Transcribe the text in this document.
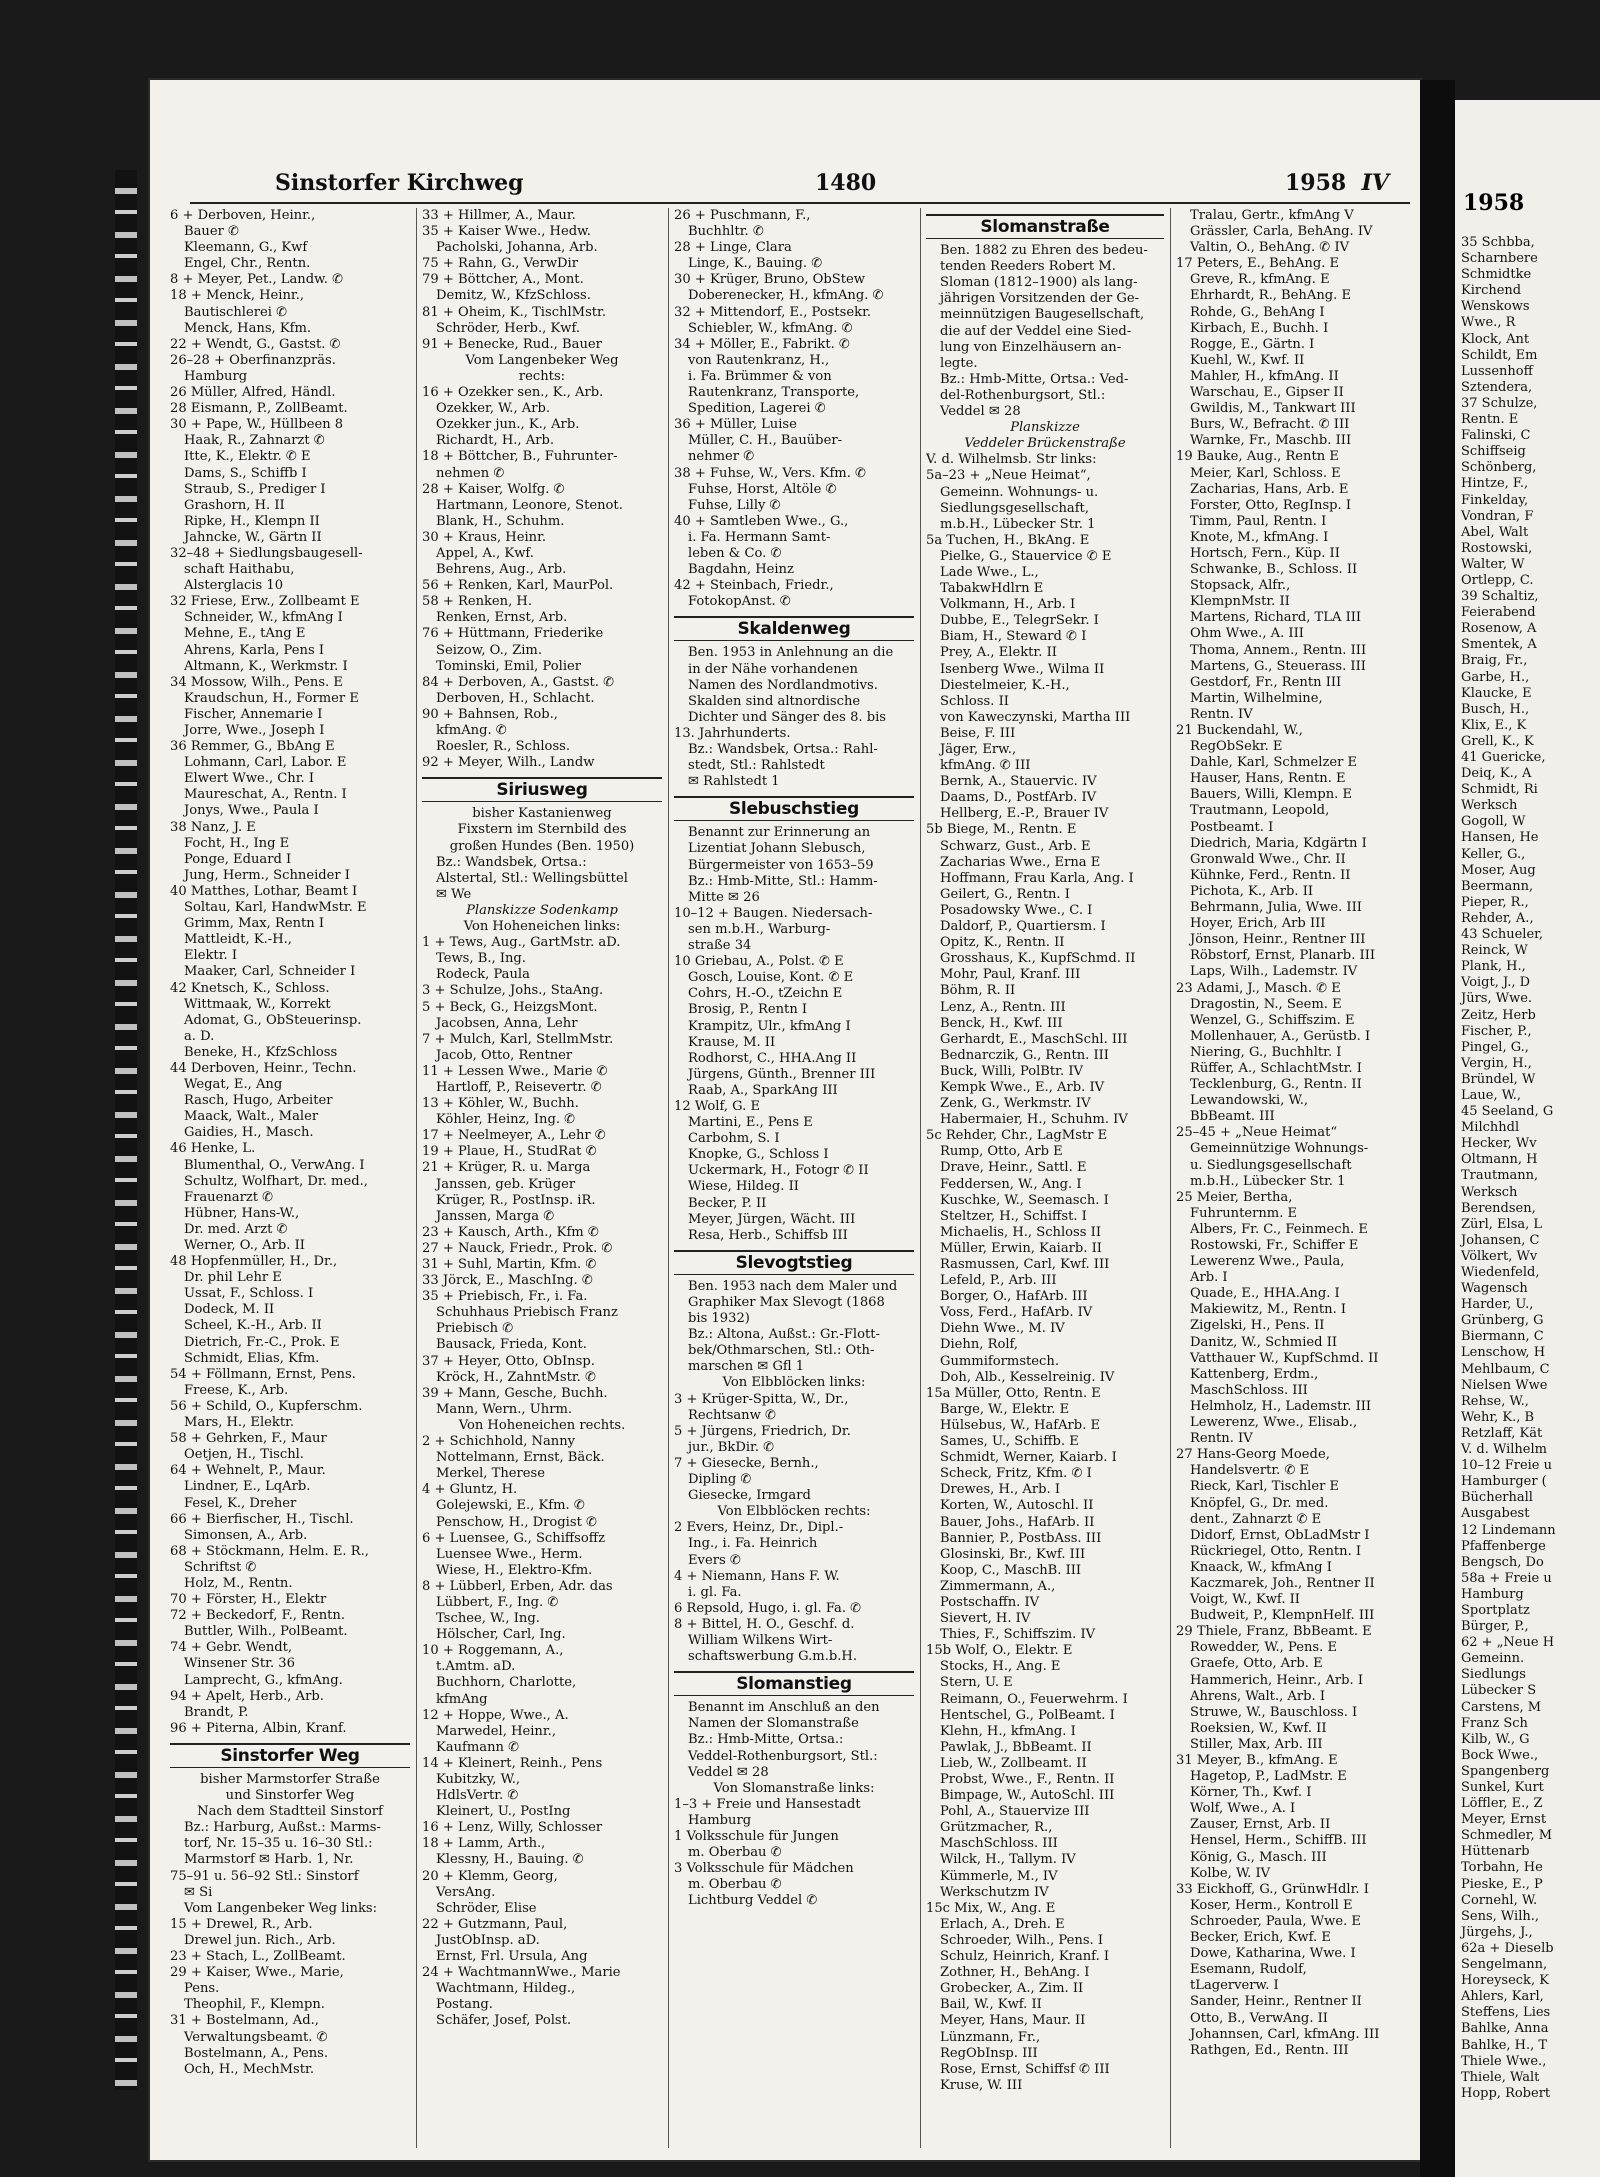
Sinstorfer Kirchweg	1480	1958 IV
6 + Derboven, Heinr.,
Bauer ✆
Kleemann, G., Kwf
Engel, Chr., Rentn.
8 + Meyer, Pet., Landw. ✆
18 + Menck, Heinr.,
Bautischlerei ✆
Menck, Hans, Kfm.
22 + Wendt, G., Gastst. ✆
26–28 + Oberfinanzpräs.
Hamburg
26 Müller, Alfred, Händl.
28 Eismann, P., ZollBeamt.
30 + Pape, W., Hüllbeen 8
Haak, R., Zahnarzt ✆
Itte, K., Elektr. ✆ E
Dams, S., Schiffb I
Straub, S., Prediger I
Grashorn, H. II
Ripke, H., Klempn II
Jahncke, W., Gärtn II
32–48 + Siedlungsbaugesell-
schaft Haithabu,
Alsterglacis 10
32 Friese, Erw., Zollbeamt E
Schneider, W., kfmAng I
Mehne, E., tAng E
Ahrens, Karla, Pens I
Altmann, K., Werkmstr. I
34 Mossow, Wilh., Pens. E
Kraudschun, H., Former E
Fischer, Annemarie I
Jorre, Wwe., Joseph I
36 Remmer, G., BbAng E
Lohmann, Carl, Labor. E
Elwert Wwe., Chr. I
Maureschat, A., Rentn. I
Jonys, Wwe., Paula I
38 Nanz, J. E
Focht, H., Ing E
Ponge, Eduard I
Jung, Herm., Schneider I
40 Matthes, Lothar, Beamt I
Soltau, Karl, HandwMstr. E
Grimm, Max, Rentn I
Mattleidt, K.-H.,
Elektr. I
Maaker, Carl, Schneider I
42 Knetsch, K., Schloss.
Wittmaak, W., Korrekt
Adomat, G., ObSteuerinsp.
a. D.
Beneke, H., KfzSchloss
44 Derboven, Heinr., Techn.
Wegat, E., Ang
Rasch, Hugo, Arbeiter
Maack, Walt., Maler
Gaidies, H., Masch.
46 Henke, L.
Blumenthal, O., VerwAng. I
Schultz, Wolfhart, Dr. med.,
Frauenarzt ✆
Hübner, Hans-W.,
Dr. med. Arzt ✆
Werner, O., Arb. II
48 Hopfenmüller, H., Dr.,
Dr. phil Lehr E
Ussat, F., Schloss. I
Dodeck, M. II
Scheel, K.-H., Arb. II
Dietrich, Fr.-C., Prok. E
Schmidt, Elias, Kfm.
54 + Föllmann, Ernst, Pens.
Freese, K., Arb.
56 + Schild, O., Kupferschm.
Mars, H., Elektr.
58 + Gehrken, F., Maur
Oetjen, H., Tischl.
64 + Wehnelt, P., Maur.
Lindner, E., LqArb.
Fesel, K., Dreher
66 + Bierfischer, H., Tischl.
Simonsen, A., Arb.
68 + Stöckmann, Helm. E. R.,
Schriftst ✆
Holz, M., Rentn.
70 + Förster, H., Elektr
72 + Beckedorf, F., Rentn.
Buttler, Wilh., PolBeamt.
74 + Gebr. Wendt,
Winsener Str. 36
Lamprecht, G., kfmAng.
94 + Apelt, Herb., Arb.
Brandt, P.
96 + Piterna, Albin, Kranf.
Sinstorfer Weg
bisher Marmstorfer Straße
und Sinstorfer Weg
Nach dem Stadtteil Sinstorf
Bz.: Harburg, Außst.: Marms-
torf, Nr. 15–35 u. 16–30 Stl.:
Marmstorf ✉ Harb. 1, Nr.
75–91 u. 56–92 Stl.: Sinstorf
✉ Si
Vom Langenbeker Weg links:
15 + Drewel, R., Arb.
Drewel jun. Rich., Arb.
23 + Stach, L., ZollBeamt.
29 + Kaiser, Wwe., Marie,
Pens.
Theophil, F., Klempn.
31 + Bostelmann, Ad.,
Verwaltungsbeamt. ✆
Bostelmann, A., Pens.
Och, H., MechMstr.
33 + Hillmer, A., Maur.
35 + Kaiser Wwe., Hedw.
Pacholski, Johanna, Arb.
75 + Rahn, G., VerwDir
79 + Böttcher, A., Mont.
Demitz, W., KfzSchloss.
81 + Oheim, K., TischlMstr.
Schröder, Herb., Kwf.
91 + Benecke, Rud., Bauer
Vom Langenbeker Weg
rechts:
16 + Ozekker sen., K., Arb.
Ozekker, W., Arb.
Ozekker jun., K., Arb.
Richardt, H., Arb.
18 + Böttcher, B., Fuhrunter-
nehmen ✆
28 + Kaiser, Wolfg. ✆
Hartmann, Leonore, Stenot.
Blank, H., Schuhm.
30 + Kraus, Heinr.
Appel, A., Kwf.
Behrens, Aug., Arb.
56 + Renken, Karl, MaurPol.
58 + Renken, H.
Renken, Ernst, Arb.
76 + Hüttmann, Friederike
Seizow, O., Zim.
Tominski, Emil, Polier
84 + Derboven, A., Gastst. ✆
Derboven, H., Schlacht.
90 + Bahnsen, Rob.,
kfmAng. ✆
Roesler, R., Schloss.
92 + Meyer, Wilh., Landw
Siriusweg
bisher Kastanienweg
Fixstern im Sternbild des
großen Hundes (Ben. 1950)
Bz.: Wandsbek, Ortsa.:
Alstertal, Stl.: Wellingsbüttel
✉ We
Planskizze Sodenkamp
Von Hoheneichen links:
1 + Tews, Aug., GartMstr. aD.
Tews, B., Ing.
Rodeck, Paula
3 + Schulze, Johs., StaAng.
5 + Beck, G., HeizgsMont.
Jacobsen, Anna, Lehr
7 + Mulch, Karl, StellmMstr.
Jacob, Otto, Rentner
11 + Lessen Wwe., Marie ✆
Hartloff, P., Reisevertr. ✆
13 + Köhler, W., Buchh.
Köhler, Heinz, Ing. ✆
17 + Neelmeyer, A., Lehr ✆
19 + Plaue, H., StudRat ✆
21 + Krüger, R. u. Marga
Janssen, geb. Krüger
Krüger, R., PostInsp. iR.
Janssen, Marga ✆
23 + Kausch, Arth., Kfm ✆
27 + Nauck, Friedr., Prok. ✆
31 + Suhl, Martin, Kfm. ✆
33 Jörck, E., MaschIng. ✆
35 + Priebisch, Fr., i. Fa.
Schuhhaus Priebisch Franz
Priebisch ✆
Bausack, Frieda, Kont.
37 + Heyer, Otto, ObInsp.
Kröck, H., ZahntMstr. ✆
39 + Mann, Gesche, Buchh.
Mann, Wern., Uhrm.
Von Hoheneichen rechts.
2 + Schichhold, Nanny
Nottelmann, Ernst, Bäck.
Merkel, Therese
4 + Gluntz, H.
Golejewski, E., Kfm. ✆
Penschow, H., Drogist ✆
6 + Luensee, G., Schiffsoffz
Luensee Wwe., Herm.
Wiese, H., Elektro-Kfm.
8 + Lübberl, Erben, Adr. das
Lübbert, F., Ing. ✆
Tschee, W., Ing.
Hölscher, Carl, Ing.
10 + Roggemann, A.,
t.Amtm. aD.
Buchhorn, Charlotte,
kfmAng
12 + Hoppe, Wwe., A.
Marwedel, Heinr.,
Kaufmann ✆
14 + Kleinert, Reinh., Pens
Kubitzky, W.,
HdlsVertr. ✆
Kleinert, U., PostIng
16 + Lenz, Willy, Schlosser
18 + Lamm, Arth.,
Klessny, H., Bauing. ✆
20 + Klemm, Georg,
VersAng.
Schröder, Elise
22 + Gutzmann, Paul,
JustObInsp. aD.
Ernst, Frl. Ursula, Ang
24 + WachtmannWwe., Marie
Wachtmann, Hildeg.,
Postang.
Schäfer, Josef, Polst.
26 + Puschmann, F.,
Buchhltr. ✆
28 + Linge, Clara
Linge, K., Bauing. ✆
30 + Krüger, Bruno, ObStew
Doberenecker, H., kfmAng. ✆
32 + Mittendorf, E., Postsekr.
Schiebler, W., kfmAng. ✆
34 + Möller, E., Fabrikt. ✆
von Rautenkranz, H.,
i. Fa. Brümmer & von
Rautenkranz, Transporte,
Spedition, Lagerei ✆
36 + Müller, Luise
Müller, C. H., Bauüber-
nehmer ✆
38 + Fuhse, W., Vers. Kfm. ✆
Fuhse, Horst, Altöle ✆
Fuhse, Lilly ✆
40 + Samtleben Wwe., G.,
i. Fa. Hermann Samt-
leben & Co. ✆
Bagdahn, Heinz
42 + Steinbach, Friedr.,
FotokopAnst. ✆
Skaldenweg
Ben. 1953 in Anlehnung an die
in der Nähe vorhandenen
Namen des Nordlandmotivs.
Skalden sind altnordische
Dichter und Sänger des 8. bis
13. Jahrhunderts.
Bz.: Wandsbek, Ortsa.: Rahl-
stedt, Stl.: Rahlstedt
✉ Rahlstedt 1
Slebuschstieg
Benannt zur Erinnerung an
Lizentiat Johann Slebusch,
Bürgermeister von 1653–59
Bz.: Hmb-Mitte, Stl.: Hamm-
Mitte ✉ 26
10–12 + Baugen. Niedersach-
sen m.b.H., Warburg-
straße 34
10 Griebau, A., Polst. ✆ E
Gosch, Louise, Kont. ✆ E
Cohrs, H.-O., tZeichn E
Brosig, P., Rentn I
Krampitz, Ulr., kfmAng I
Krause, M. II
Rodhorst, C., HHA.Ang II
Jürgens, Günth., Brenner III
Raab, A., SparkAng III
12 Wolf, G. E
Martini, E., Pens E
Carbohm, S. I
Knopke, G., Schloss I
Uckermark, H., Fotogr ✆ II
Wiese, Hildeg. II
Becker, P. II
Meyer, Jürgen, Wächt. III
Resa, Herb., Schiffsb III
Slevogtstieg
Ben. 1953 nach dem Maler und
Graphiker Max Slevogt (1868
bis 1932)
Bz.: Altona, Außst.: Gr.-Flott-
bek/Othmarschen, Stl.: Oth-
marschen ✉ Gfl 1
Von Elbblöcken links:
3 + Krüger-Spitta, W., Dr.,
Rechtsanw ✆
5 + Jürgens, Friedrich, Dr.
jur., BkDir. ✆
7 + Giesecke, Bernh.,
Dipling ✆
Giesecke, Irmgard
Von Elbblöcken rechts:
2 Evers, Heinz, Dr., Dipl.-
Ing., i. Fa. Heinrich
Evers ✆
4 + Niemann, Hans F. W.
i. gl. Fa.
6 Repsold, Hugo, i. gl. Fa. ✆
8 + Bittel, H. O., Geschf. d.
William Wilkens Wirt-
schaftswerbung G.m.b.H.
Slomanstieg
Benannt im Anschluß an den
Namen der Slomanstraße
Bz.: Hmb-Mitte, Ortsa.:
Veddel-Rothenburgsort, Stl.:
Veddel ✉ 28
Von Slomanstraße links:
1–3 + Freie und Hansestadt
Hamburg
1 Volksschule für Jungen
m. Oberbau ✆
3 Volksschule für Mädchen
m. Oberbau ✆
Lichtburg Veddel ✆
Slomanstraße
Ben. 1882 zu Ehren des bedeu-
tenden Reeders Robert M.
Sloman (1812–1900) als lang-
jährigen Vorsitzenden der Ge-
meinnützigen Baugesellschaft,
die auf der Veddel eine Sied-
lung von Einzelhäusern an-
legte.
Bz.: Hmb-Mitte, Ortsa.: Ved-
del-Rothenburgsort, Stl.:
Veddel ✉ 28
Planskizze
Veddeler Brückenstraße
V. d. Wilhelmsb. Str links:
5a–23 + „Neue Heimat“,
Gemeinn. Wohnungs- u.
Siedlungsgesellschaft,
m.b.H., Lübecker Str. 1
5a Tuchen, H., BkAng. E
Pielke, G., Stauervice ✆ E
Lade Wwe., L.,
TabakwHdlrn E
Volkmann, H., Arb. I
Dubbe, E., TelegrSekr. I
Biam, H., Steward ✆ I
Prey, A., Elektr. II
Isenberg Wwe., Wilma II
Diestelmeier, K.-H.,
Schloss. II
von Kaweczynski, Martha III
Beise, F. III
Jäger, Erw.,
kfmAng. ✆ III
Bernk, A., Stauervic. IV
Daams, D., PostfArb. IV
Hellberg, E.-P., Brauer IV
5b Biege, M., Rentn. E
Schwarz, Gust., Arb. E
Zacharias Wwe., Erna E
Hoffmann, Frau Karla, Ang. I
Geilert, G., Rentn. I
Posadowsky Wwe., C. I
Daldorf, P., Quartiersm. I
Opitz, K., Rentn. II
Grosshaus, K., KupfSchmd. II
Mohr, Paul, Kranf. III
Böhm, R. II
Lenz, A., Rentn. III
Benck, H., Kwf. III
Gerhardt, E., MaschSchl. III
Bednarczik, G., Rentn. III
Buck, Willi, PolBtr. IV
Kempk Wwe., E., Arb. IV
Zenk, G., Werkmstr. IV
Habermaier, H., Schuhm. IV
5c Rehder, Chr., LagMstr E
Rump, Otto, Arb E
Drave, Heinr., Sattl. E
Feddersen, W., Ang. I
Kuschke, W., Seemasch. I
Steltzer, H., Schiffst. I
Michaelis, H., Schloss II
Müller, Erwin, Kaiarb. II
Rasmussen, Carl, Kwf. III
Lefeld, P., Arb. III
Borger, O., HafArb. III
Voss, Ferd., HafArb. IV
Diehn Wwe., M. IV
Diehn, Rolf,
Gummiformstech.
Doh, Alb., Kesselreinig. IV
15a Müller, Otto, Rentn. E
Barge, W., Elektr. E
Hülsebus, W., HafArb. E
Sames, U., Schiffb. E
Schmidt, Werner, Kaiarb. I
Scheck, Fritz, Kfm. ✆ I
Drewes, H., Arb. I
Korten, W., Autoschl. II
Bauer, Johs., HafArb. II
Bannier, P., PostbAss. III
Glosinski, Br., Kwf. III
Koop, C., MaschB. III
Zimmermann, A.,
Postschaffn. IV
Sievert, H. IV
Thies, F., Schiffszim. IV
15b Wolf, O., Elektr. E
Stocks, H., Ang. E
Stern, U. E
Reimann, O., Feuerwehrm. I
Hentschel, G., PolBeamt. I
Klehn, H., kfmAng. I
Pawlak, J., BbBeamt. II
Lieb, W., Zollbeamt. II
Probst, Wwe., F., Rentn. II
Bimpage, W., AutoSchl. III
Pohl, A., Stauervize III
Grützmacher, R.,
MaschSchloss. III
Wilck, H., Tallym. IV
Kümmerle, M., IV
Werkschutzm IV
15c Mix, W., Ang. E
Erlach, A., Dreh. E
Schroeder, Wilh., Pens. I
Schulz, Heinrich, Kranf. I
Zothner, H., BehAng. I
Grobecker, A., Zim. II
Bail, W., Kwf. II
Meyer, Hans, Maur. II
Lünzmann, Fr.,
RegObInsp. III
Rose, Ernst, Schiffsf ✆ III
Kruse, W. III
Tralau, Gertr., kfmAng V
Grässler, Carla, BehAng. IV
Valtin, O., BehAng. ✆ IV
17 Peters, E., BehAng. E
Greve, R., kfmAng. E
Ehrhardt, R., BehAng. E
Rohde, G., BehAng I
Kirbach, E., Buchh. I
Rogge, E., Gärtn. I
Kuehl, W., Kwf. II
Mahler, H., kfmAng. II
Warschau, E., Gipser II
Gwildis, M., Tankwart III
Burs, W., Befracht. ✆ III
Warnke, Fr., Maschb. III
19 Bauke, Aug., Rentn E
Meier, Karl, Schloss. E
Zacharias, Hans, Arb. E
Forster, Otto, RegInsp. I
Timm, Paul, Rentn. I
Knote, M., kfmAng. I
Hortsch, Fern., Küp. II
Schwanke, B., Schloss. II
Stopsack, Alfr.,
KlempnMstr. II
Martens, Richard, TLA III
Ohm Wwe., A. III
Thoma, Annem., Rentn. III
Martens, G., Steuerass. III
Gestdorf, Fr., Rentn III
Martin, Wilhelmine,
Rentn. IV
21 Buckendahl, W.,
RegObSekr. E
Dahle, Karl, Schmelzer E
Hauser, Hans, Rentn. E
Bauers, Willi, Klempn. E
Trautmann, Leopold,
Postbeamt. I
Diedrich, Maria, Kdgärtn I
Gronwald Wwe., Chr. II
Kühnke, Ferd., Rentn. II
Pichota, K., Arb. II
Behrmann, Julia, Wwe. III
Hoyer, Erich, Arb III
Jönson, Heinr., Rentner III
Röbstorf, Ernst, Planarb. III
Laps, Wilh., Lademstr. IV
23 Adami, J., Masch. ✆ E
Dragostin, N., Seem. E
Wenzel, G., Schiffszim. E
Mollenhauer, A., Gerüstb. I
Niering, G., Buchhltr. I
Rüffer, A., SchlachtMstr. I
Tecklenburg, G., Rentn. II
Lewandowski, W.,
BbBeamt. III
25–45 + „Neue Heimat“
Gemeinnützige Wohnungs-
u. Siedlungsgesellschaft
m.b.H., Lübecker Str. 1
25 Meier, Bertha,
Fuhrunternm. E
Albers, Fr. C., Feinmech. E
Rostowski, Fr., Schiffer E
Lewerenz Wwe., Paula,
Arb. I
Quade, E., HHA.Ang. I
Makiewitz, M., Rentn. I
Zigelski, H., Pens. II
Danitz, W., Schmied II
Vatthauer W., KupfSchmd. II
Kattenberg, Erdm.,
MaschSchloss. III
Helmholz, H., Lademstr. III
Lewerenz, Wwe., Elisab.,
Rentn. IV
27 Hans-Georg Moede,
Handelsvertr. ✆ E
Rieck, Karl, Tischler E
Knöpfel, G., Dr. med.
dent., Zahnarzt ✆ E
Didorf, Ernst, ObLadMstr I
Rückriegel, Otto, Rentn. I
Knaack, W., kfmAng I
Kaczmarek, Joh., Rentner II
Voigt, W., Kwf. II
Budweit, P., KlempnHelf. III
29 Thiele, Franz, BbBeamt. E
Rowedder, W., Pens. E
Graefe, Otto, Arb. E
Hammerich, Heinr., Arb. I
Ahrens, Walt., Arb. I
Struwe, W., Bauschloss. I
Roeksien, W., Kwf. II
Stiller, Max, Arb. III
31 Meyer, B., kfmAng. E
Hagetop, P., LadMstr. E
Körner, Th., Kwf. I
Wolf, Wwe., A. I
Zauser, Ernst, Arb. II
Hensel, Herm., SchiffB. III
König, G., Masch. III
Kolbe, W. IV
33 Eickhoff, G., GrünwHdlr. I
Koser, Herm., Kontroll E
Schroeder, Paula, Wwe. E
Becker, Erich, Kwf. E
Dowe, Katharina, Wwe. I
Esemann, Rudolf,
tLagerverw. I
Sander, Heinr., Rentner II
Otto, B., VerwAng. II
Johannsen, Carl, kfmAng. III
Rathgen, Ed., Rentn. III
1958
35 Schbba,
Scharnbere
Schmidtke
Kirchend
Wenskows
Wwe., R
Klock, Ant
Schildt, Em
Lussenhoff
Sztendera,
37 Schulze,
Rentn. E
Falinski, C
Schiffseig
Schönberg,
Hintze, F.,
Finkelday,
Vondran, F
Abel, Walt
Rostowski,
Walter, W
Ortlepp, C.
39 Schaltiz,
Feierabend
Rosenow, A
Smentek, A
Braig, Fr.,
Garbe, H.,
Klaucke, E
Busch, H.,
Klix, E., K
Grell, K., K
41 Guericke,
Deiq, K., A
Schmidt, Ri
Werksch
Gogoll, W
Hansen, He
Keller, G.,
Moser, Aug
Beermann,
Pieper, R.,
Rehder, A.,
43 Schueler,
Reinck, W
Plank, H.,
Voigt, J., D
Jürs, Wwe.
Zeitz, Herb
Fischer, P.,
Pingel, G.,
Vergin, H.,
Bründel, W
Laue, W.,
45 Seeland, G
Milchhdl
Hecker, Wv
Oltmann, H
Trautmann,
Werksch
Berendsen,
Zürl, Elsa, L
Johansen, C
Völkert, Wv
Wiedenfeld,
Wagensch
Harder, U.,
Grünberg, G
Biermann, C
Lenschow, H
Mehlbaum, C
Nielsen Wwe
Rehse, W.,
Wehr, K., B
Retzlaff, Kät
V. d. Wilhelm
10–12 Freie u
Hamburger (
Bücherhall
Ausgabest
12 Lindemann
Pfaffenberge
Bengsch, Do
58a + Freie u
Hamburg
Sportplatz
Bürger, P.,
62 + „Neue H
Gemeinn.
Siedlungs
Lübecker S
Carstens, M
Franz Sch
Kilb, W., G
Bock Wwe.,
Spangenberg
Sunkel, Kurt
Löffler, E., Z
Meyer, Ernst
Schmedler, M
Hüttenarb
Torbahn, He
Pieske, E., P
Cornehl, W.
Sens, Wilh.,
Jürgehs, J.,
62a + Dieselb
Sengelmann,
Horeyseck, K
Ahlers, Karl,
Steffens, Lies
Bahlke, Anna
Bahlke, H., T
Thiele Wwe.,
Thiele, Walt
Hopp, Robert
